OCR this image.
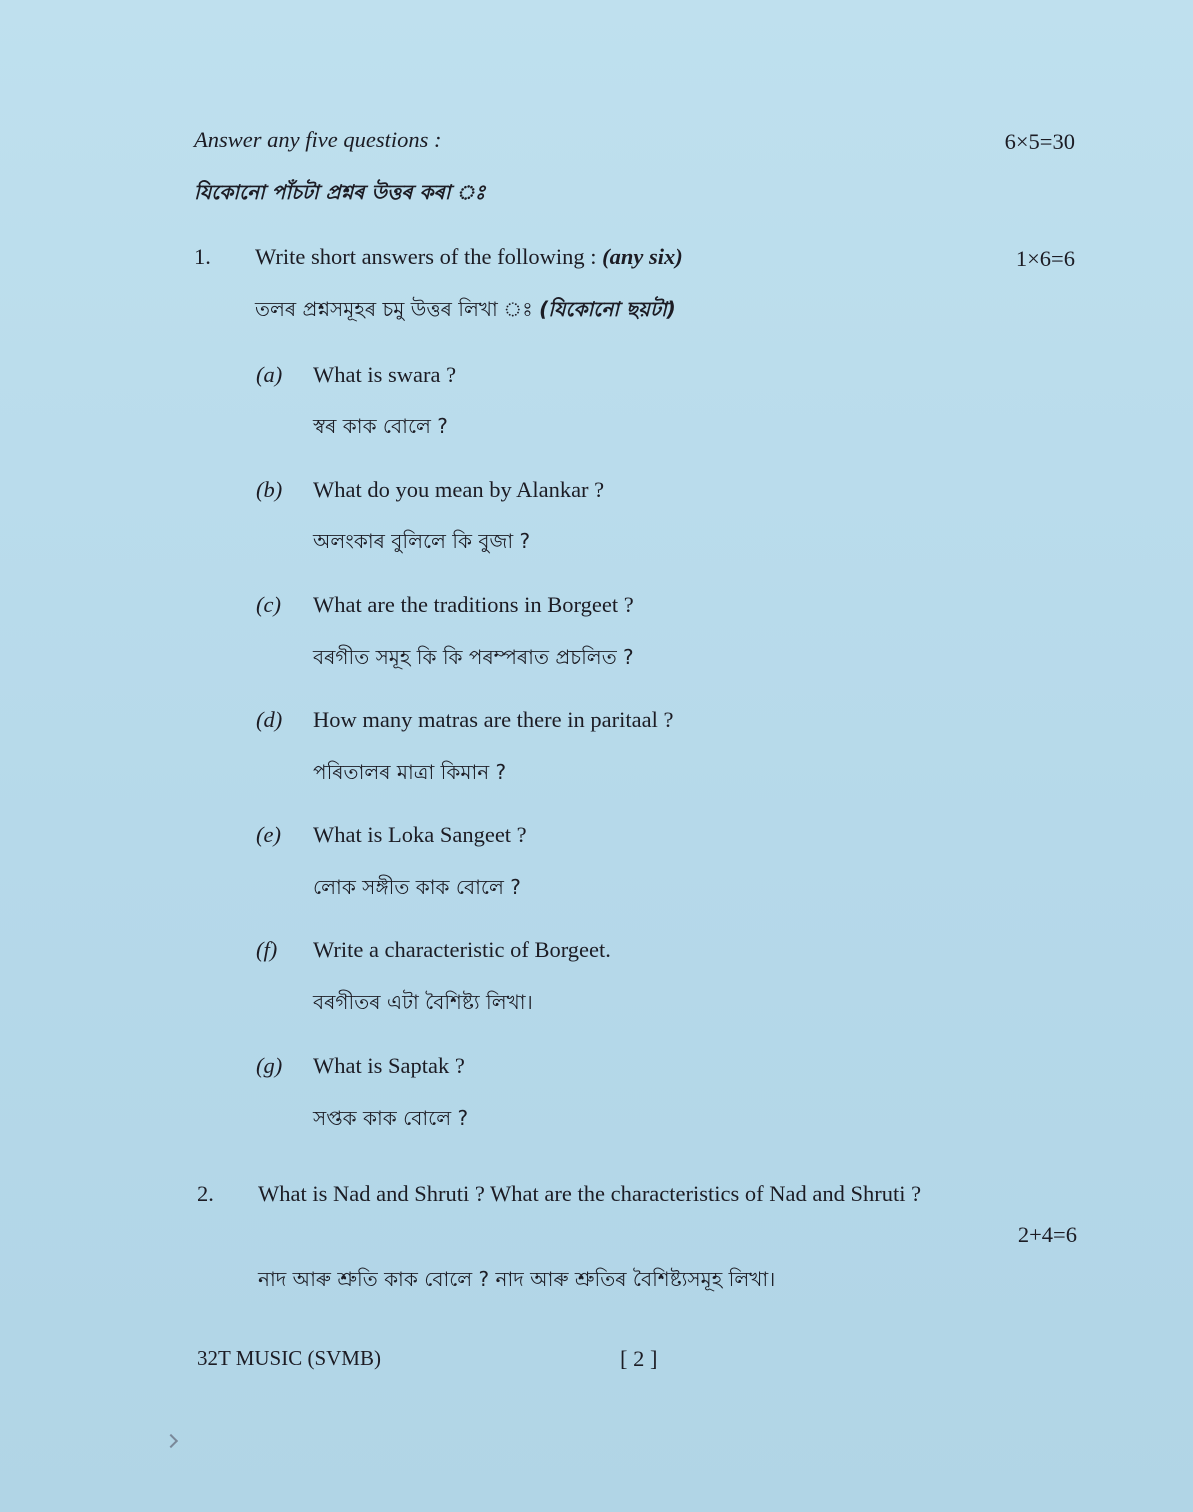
Answer any five questions :	6×5=30
যিকোনো পাঁচটা প্ৰশ্নৰ উত্তৰ কৰা ঃ
1. Write short answers of the following : (any six)	1×6=6
তলৰ প্ৰশ্নসমূহৰ চমু উত্তৰ লিখা ঃ (যিকোনো ছয়টা)
(a) What is swara ?
স্বৰ কাক বোলে ?
(b) What do you mean by Alankar ?
অলংকাৰ বুলিলে কি বুজা ?
(c) What are the traditions in Borgeet ?
বৰগীত সমূহ কি কি পৰম্পৰাত প্ৰচলিত ?
(d) How many matras are there in paritaal ?
পৰিতালৰ মাত্ৰা কিমান ?
(e) What is Loka Sangeet ?
লোক সঙ্গীত কাক বোলে ?
(f) Write a characteristic of Borgeet.
বৰগীতৰ এটা বৈশিষ্ট্য লিখা।
(g) What is Saptak ?
সপ্তক কাক বোলে ?
2. What is Nad and Shruti ? What are the characteristics of Nad and Shruti ?
2+4=6
নাদ আৰু শ্ৰুতি কাক বোলে ? নাদ আৰু শ্ৰুতিৰ বৈশিষ্ট্যসমূহ লিখা।
32T MUSIC (SVMB)	[ 2 ]
